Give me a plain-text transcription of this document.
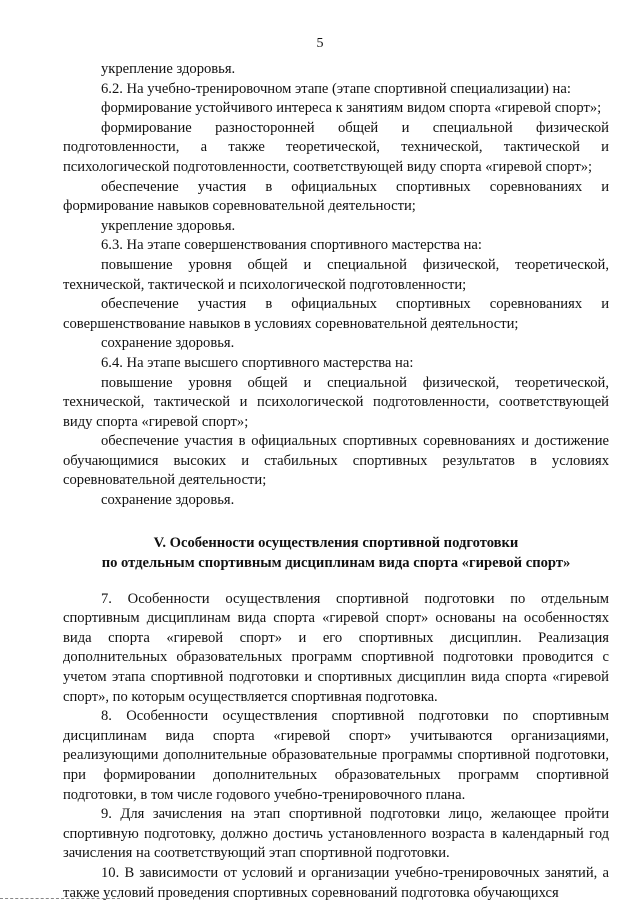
5

укрепление здоровья.

6.2. На учебно-тренировочном этапе (этапе спортивной специализации) на:

формирование устойчивого интереса к занятиям видом спорта «гиревой спорт»;

формирование разносторонней общей и специальной физической подготовленности, а также теоретической, технической, тактической и психологической подготовленности, соответствующей виду спорта «гиревой спорт»;

обеспечение участия в официальных спортивных соревнованиях и формирование навыков соревновательной деятельности;

укрепление здоровья.

6.3. На этапе совершенствования спортивного мастерства на:

повышение уровня общей и специальной физической, теоретической, технической, тактической и психологической подготовленности;

обеспечение участия в официальных спортивных соревнованиях и совершенствование навыков в условиях соревновательной деятельности;

сохранение здоровья.

6.4. На этапе высшего спортивного мастерства на:

повышение уровня общей и специальной физической, теоретической, технической, тактической и психологической подготовленности, соответствующей виду спорта «гиревой спорт»;

обеспечение участия в официальных спортивных соревнованиях и достижение обучающимися высоких и стабильных спортивных результатов в условиях соревновательной деятельности;

сохранение здоровья.

V. Особенности осуществления спортивной подготовки
по отдельным спортивным дисциплинам вида спорта «гиревой спорт»

7. Особенности осуществления спортивной подготовки по отдельным спортивным дисциплинам вида спорта «гиревой спорт» основаны на особенностях вида спорта «гиревой спорт» и его спортивных дисциплин. Реализация дополнительных образовательных программ спортивной подготовки проводится с учетом этапа спортивной подготовки и спортивных дисциплин вида спорта «гиревой спорт», по которым осуществляется спортивная подготовка.

8. Особенности осуществления спортивной подготовки по спортивным дисциплинам вида спорта «гиревой спорт» учитываются организациями, реализующими дополнительные образовательные программы спортивной подготовки, при формировании дополнительных образовательных программ спортивной подготовки, в том числе годового учебно-тренировочного плана.

9. Для зачисления на этап спортивной подготовки лицо, желающее пройти спортивную подготовку, должно достичь установленного возраста в календарный год зачисления на соответствующий этап спортивной подготовки.

10. В зависимости от условий и организации учебно-тренировочных занятий, а также условий проведения спортивных соревнований подготовка обучающихся
